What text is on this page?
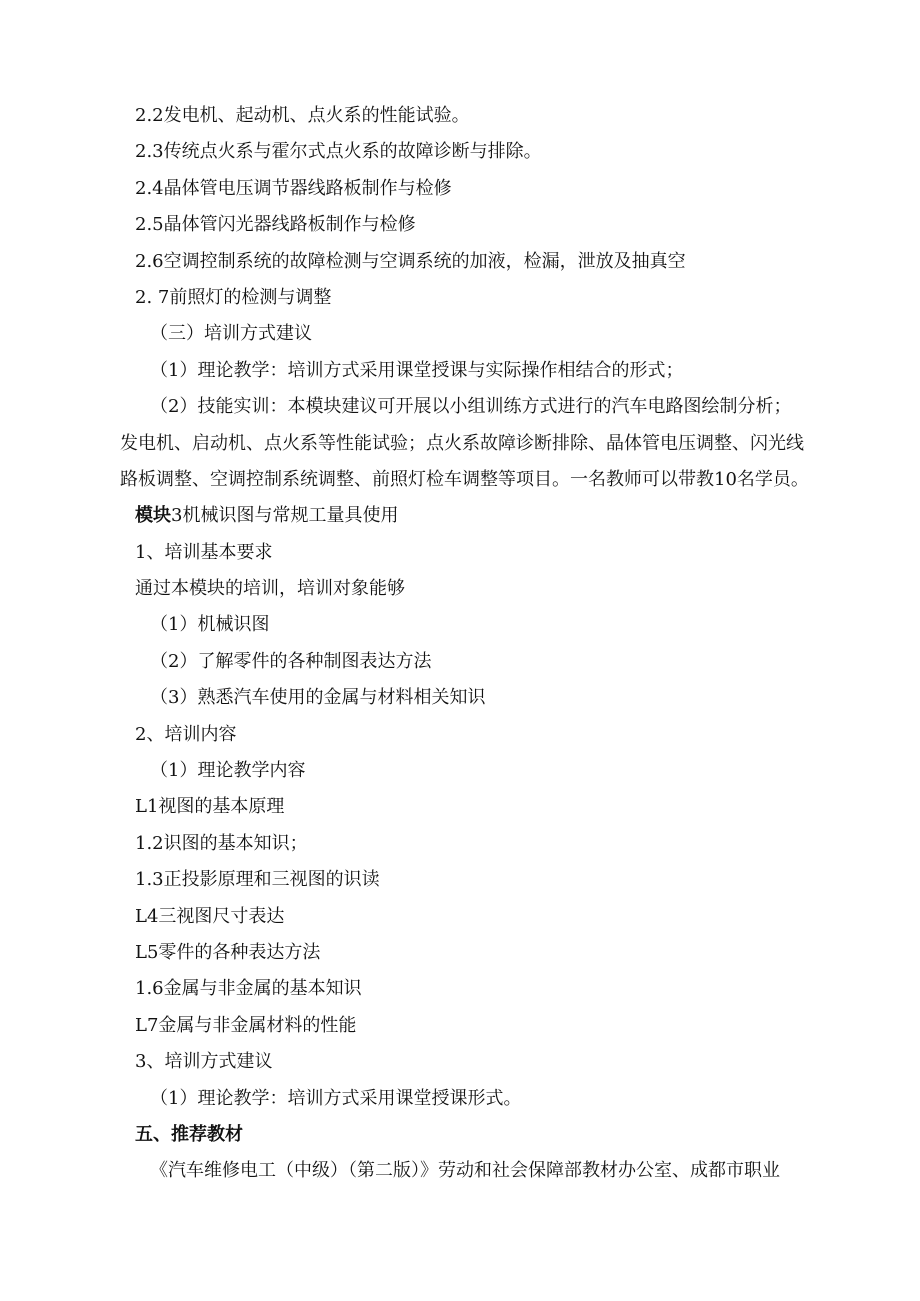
2.2发电机、起动机、点火系的性能试验。
2.3传统点火系与霍尔式点火系的故障诊断与排除。
2.4晶体管电压调节器线路板制作与检修
2.5晶体管闪光器线路板制作与检修
2.6空调控制系统的故障检测与空调系统的加液，检漏，泄放及抽真空
2. 7前照灯的检测与调整
（三）培训方式建议
（1）理论教学：培训方式采用课堂授课与实际操作相结合的形式；
（2）技能实训：本模块建议可开展以小组训练方式进行的汽车电路图绘制分析；
发电机、启动机、点火系等性能试验；点火系故障诊断排除、晶体管电压调整、闪光线
路板调整、空调控制系统调整、前照灯检车调整等项目。一名教师可以带教10名学员。
模块3机械识图与常规工量具使用
1、培训基本要求
通过本模块的培训，培训对象能够
（1）机械识图
（2）了解零件的各种制图表达方法
（3）熟悉汽车使用的金属与材料相关知识
2、培训内容
（1）理论教学内容
L1视图的基本原理
1.2识图的基本知识；
1.3正投影原理和三视图的识读
L4三视图尺寸表达
L5零件的各种表达方法
1.6金属与非金属的基本知识
L7金属与非金属材料的性能
3、培训方式建议
（1）理论教学：培训方式采用课堂授课形式。
五、推荐教材
《汽车维修电工（中级）（第二版）》劳动和社会保障部教材办公室、成都市职业
